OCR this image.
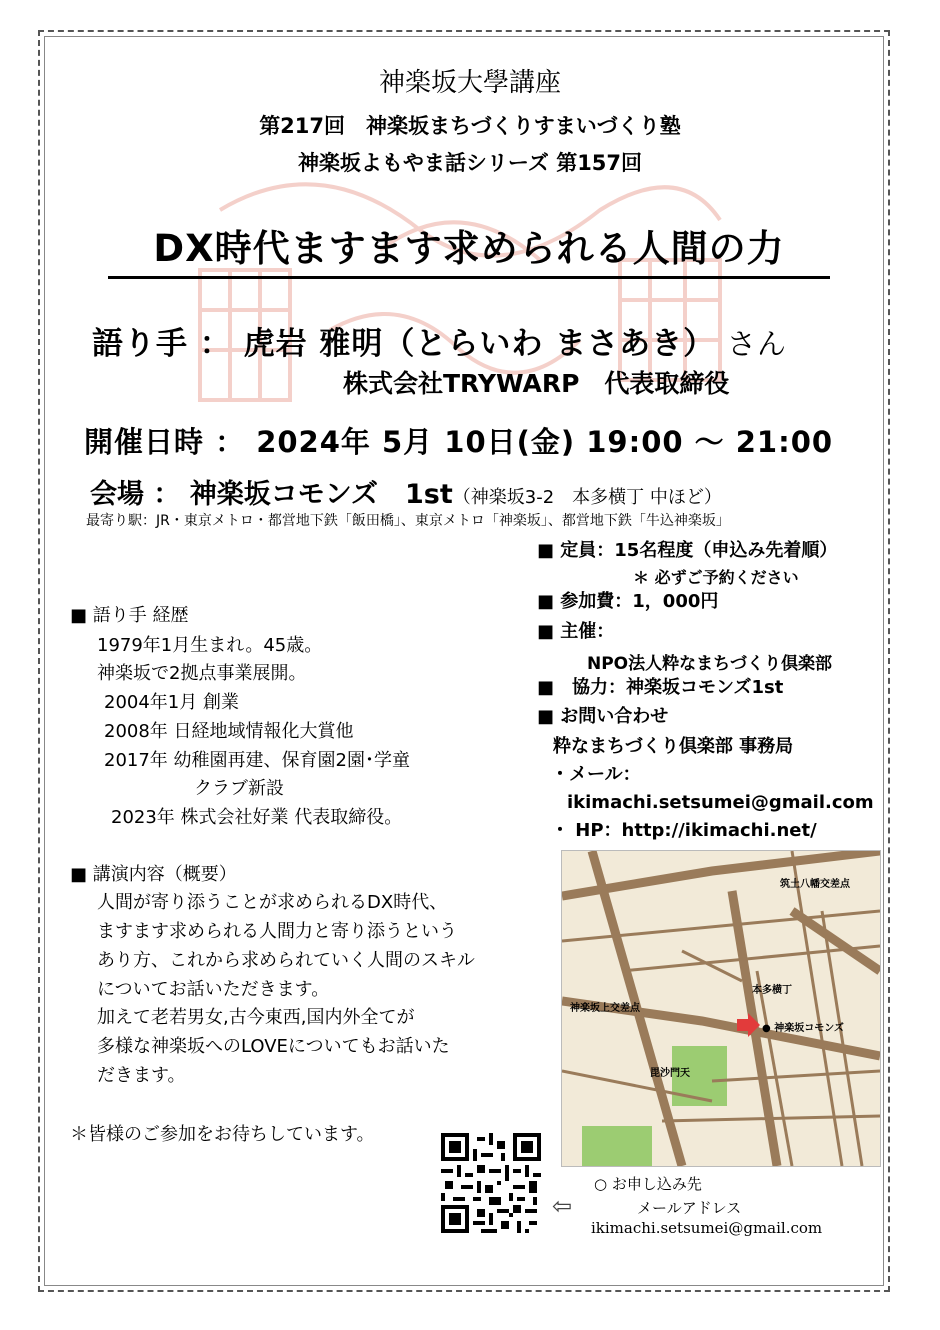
神楽坂大學講座
第217回　神楽坂まちづくりすまいづくり塾
神楽坂よもやま話シリーズ 第157回
DX時代ますます求められる人間の力
語り手 ： 虎岩 雅明（とらいわ まさあき） さん
株式会社TRYWARP　代表取締役
開催日時 ： 2024年 5月 10日(金) 19:00 ～ 21:00
会場 ： 神楽坂コモンズ　1st（神楽坂3-2　本多横丁 中ほど）
最寄り駅：JR・東京メトロ・都営地下鉄「飯田橋」、東京メトロ「神楽坂」、都営地下鉄「牛込神楽坂」
■ 定員：15名程度（申込み先着順）
＊ 必ずご予約ください
■ 参加費：1，000円
■ 主催：
NPO法人粋なまちづくり倶楽部
■　協力：神楽坂コモンズ1st
■ お問い合わせ
粋なまちづくり倶楽部 事務局
・メール：
ikimachi.setsumei@gmail.com
・ HP：http://ikimachi.net/
■ 語り手 経歴
1979年1月生まれ。45歳。
神楽坂で2拠点事業展開。
2004年1月 創業
2008年 日経地域情報化大賞他
2017年 幼稚園再建、保育園2園･学童
クラブ新設
2023年 株式会社好業 代表取締役。
■ 講演内容（概要）
人間が寄り添うことが求められるDX時代、
ますます求められる人間力と寄り添うという
あり方、これから求められていく人間のスキル
についてお話いただきます。
加えて老若男女,古今東西,国内外全てが
多様な神楽坂へのLOVEについてもお話いた
だきます。
＊皆様のご参加をお待ちしています。
筑土八幡交差点
本多横丁
神楽坂上交差点
● 神楽坂コモンズ
毘沙門天
⇦
○ お申し込み先
メールアドレス
ikimachi.setsumei@gmail.com
